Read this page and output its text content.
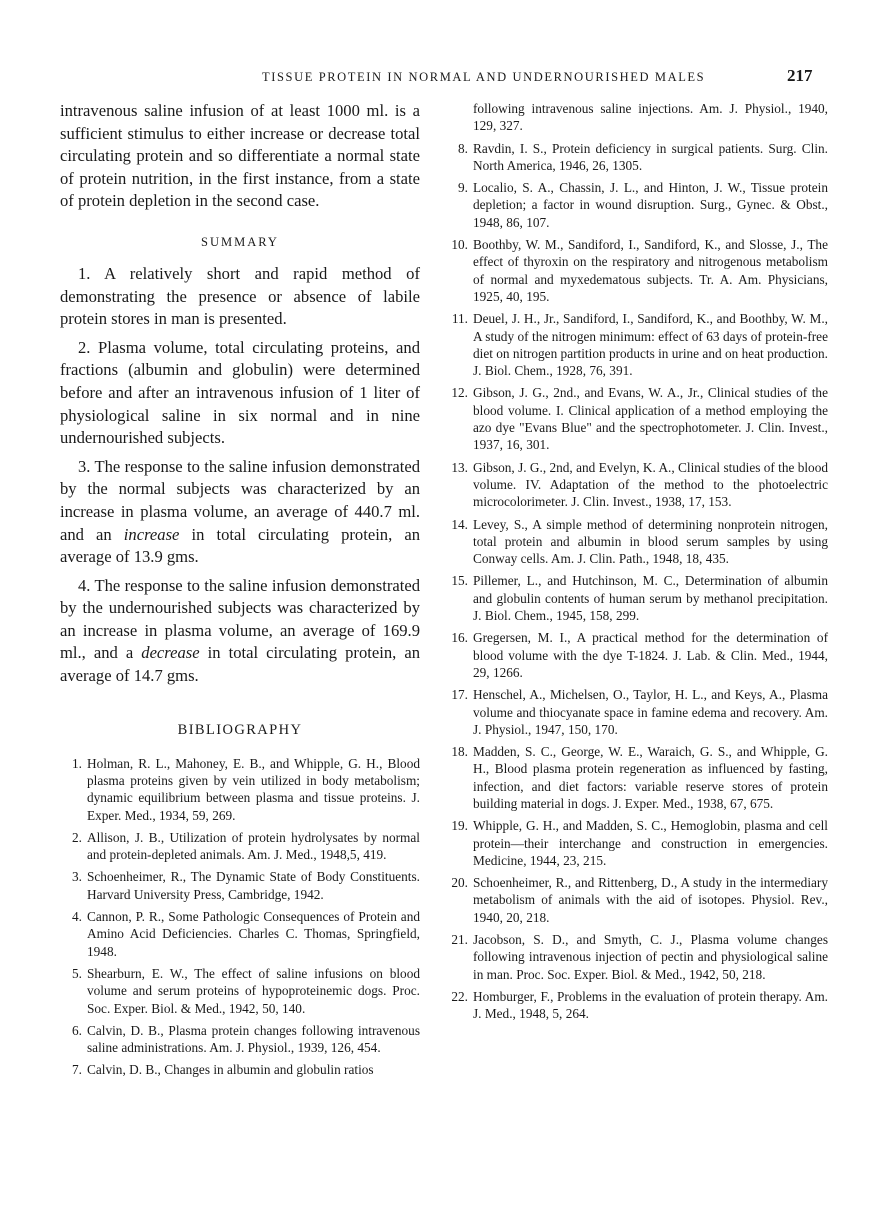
TISSUE PROTEIN IN NORMAL AND UNDERNOURISHED MALES	217

intravenous saline infusion of at least 1000 ml. is a sufficient stimulus to either increase or decrease total circulating protein and so differentiate a normal state of protein nutrition, in the first instance, from a state of protein depletion in the second case.

SUMMARY

1. A relatively short and rapid method of demonstrating the presence or absence of labile protein stores in man is presented.

2. Plasma volume, total circulating proteins, and fractions (albumin and globulin) were determined before and after an intravenous infusion of 1 liter of physiological saline in six normal and in nine undernourished subjects.

3. The response to the saline infusion demonstrated by the normal subjects was characterized by an increase in plasma volume, an average of 440.7 ml. and an increase in total circulating protein, an average of 13.9 gms.

4. The response to the saline infusion demonstrated by the undernourished subjects was characterized by an increase in plasma volume, an average of 169.9 ml., and a decrease in total circulating protein, an average of 14.7 gms.

BIBLIOGRAPHY
1. Holman, R. L., Mahoney, E. B., and Whipple, G. H., Blood plasma proteins given by vein utilized in body metabolism; dynamic equilibrium between plasma and tissue proteins. J. Exper. Med., 1934, 59, 269.
2. Allison, J. B., Utilization of protein hydrolysates by normal and protein-depleted animals. Am. J. Med., 1948,5, 419.
3. Schoenheimer, R., The Dynamic State of Body Constituents. Harvard University Press, Cambridge, 1942.
4. Cannon, P. R., Some Pathologic Consequences of Protein and Amino Acid Deficiencies. Charles C. Thomas, Springfield, 1948.
5. Shearburn, E. W., The effect of saline infusions on blood volume and serum proteins of hypoproteinemic dogs. Proc. Soc. Exper. Biol. & Med., 1942, 50, 140.
6. Calvin, D. B., Plasma protein changes following intravenous saline administrations. Am. J. Physiol., 1939, 126, 454.
7. Calvin, D. B., Changes in albumin and globulin ratios

following intravenous saline injections. Am. J. Physiol., 1940, 129, 327.

8. Ravdin, I. S., Protein deficiency in surgical patients. Surg. Clin. North America, 1946, 26, 1305.
9. Localio, S. A., Chassin, J. L., and Hinton, J. W., Tissue protein depletion; a factor in wound disruption. Surg., Gynec. & Obst., 1948, 86, 107.
10. Boothby, W. M., Sandiford, I., Sandiford, K., and Slosse, J., The effect of thyroxin on the respiratory and nitrogenous metabolism of normal and myxedematous subjects. Tr. A. Am. Physicians, 1925, 40, 195.
11. Deuel, J. H., Jr., Sandiford, I., Sandiford, K., and Boothby, W. M., A study of the nitrogen minimum: effect of 63 days of protein-free diet on nitrogen partition products in urine and on heat production. J. Biol. Chem., 1928, 76, 391.
12. Gibson, J. G., 2nd., and Evans, W. A., Jr., Clinical studies of the blood volume. I. Clinical application of a method employing the azo dye "Evans Blue" and the spectrophotometer. J. Clin. Invest., 1937, 16, 301.
13. Gibson, J. G., 2nd, and Evelyn, K. A., Clinical studies of the blood volume. IV. Adaptation of the method to the photoelectric microcolorimeter. J. Clin. Invest., 1938, 17, 153.
14. Levey, S., A simple method of determining nonprotein nitrogen, total protein and albumin in blood serum samples by using Conway cells. Am. J. Clin. Path., 1948, 18, 435.
15. Pillemer, L., and Hutchinson, M. C., Determination of albumin and globulin contents of human serum by methanol precipitation. J. Biol. Chem., 1945, 158, 299.
16. Gregersen, M. I., A practical method for the determination of blood volume with the dye T-1824. J. Lab. & Clin. Med., 1944, 29, 1266.
17. Henschel, A., Michelsen, O., Taylor, H. L., and Keys, A., Plasma volume and thiocyanate space in famine edema and recovery. Am. J. Physiol., 1947, 150, 170.
18. Madden, S. C., George, W. E., Waraich, G. S., and Whipple, G. H., Blood plasma protein regeneration as influenced by fasting, infection, and diet factors: variable reserve stores of protein building material in dogs. J. Exper. Med., 1938, 67, 675.
19. Whipple, G. H., and Madden, S. C., Hemoglobin, plasma and cell protein—their interchange and construction in emergencies. Medicine, 1944, 23, 215.
20. Schoenheimer, R., and Rittenberg, D., A study in the intermediary metabolism of animals with the aid of isotopes. Physiol. Rev., 1940, 20, 218.
21. Jacobson, S. D., and Smyth, C. J., Plasma volume changes following intravenous injection of pectin and physiological saline in man. Proc. Soc. Exper. Biol. & Med., 1942, 50, 218.
22. Homburger, F., Problems in the evaluation of protein therapy. Am. J. Med., 1948, 5, 264.
